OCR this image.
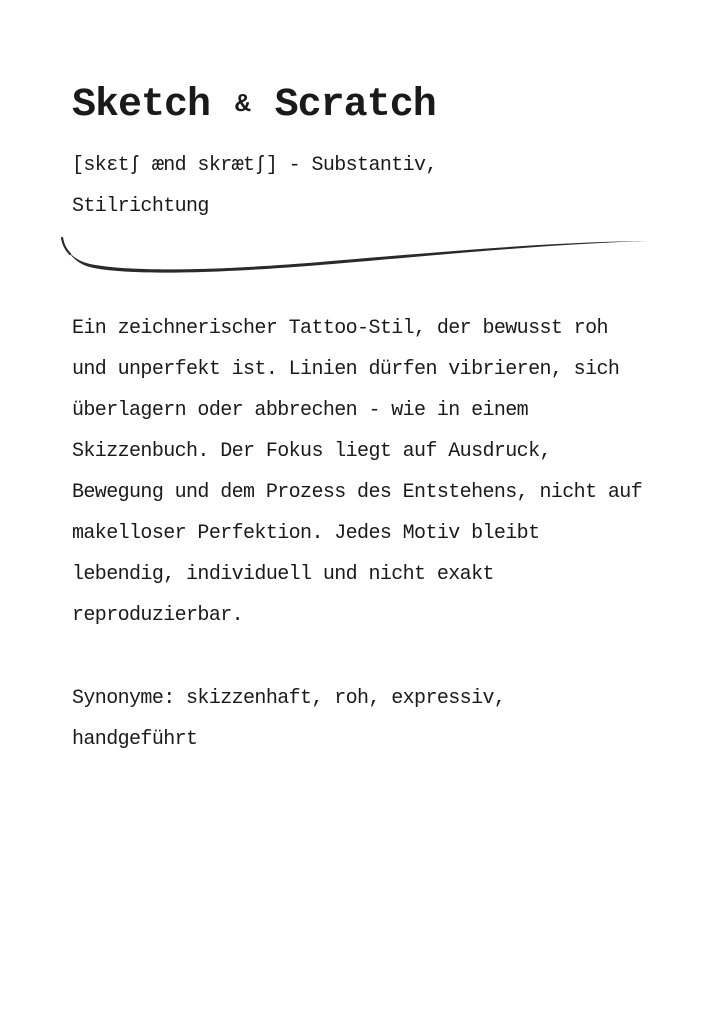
Sketch & Scratch

[skɛtʃ ænd skrætʃ] - Substantiv, Stilrichtung

Ein zeichnerischer Tattoo-Stil, der bewusst roh und unperfekt ist. Linien dürfen vibrieren, sich überlagern oder abbrechen - wie in einem Skizzenbuch. Der Fokus liegt auf Ausdruck, Bewegung und dem Prozess des Entstehens, nicht auf makelloser Perfektion. Jedes Motiv bleibt lebendig, individuell und nicht exakt reproduzierbar.

Synonyme: skizzenhaft, roh, expressiv, handgeführt
